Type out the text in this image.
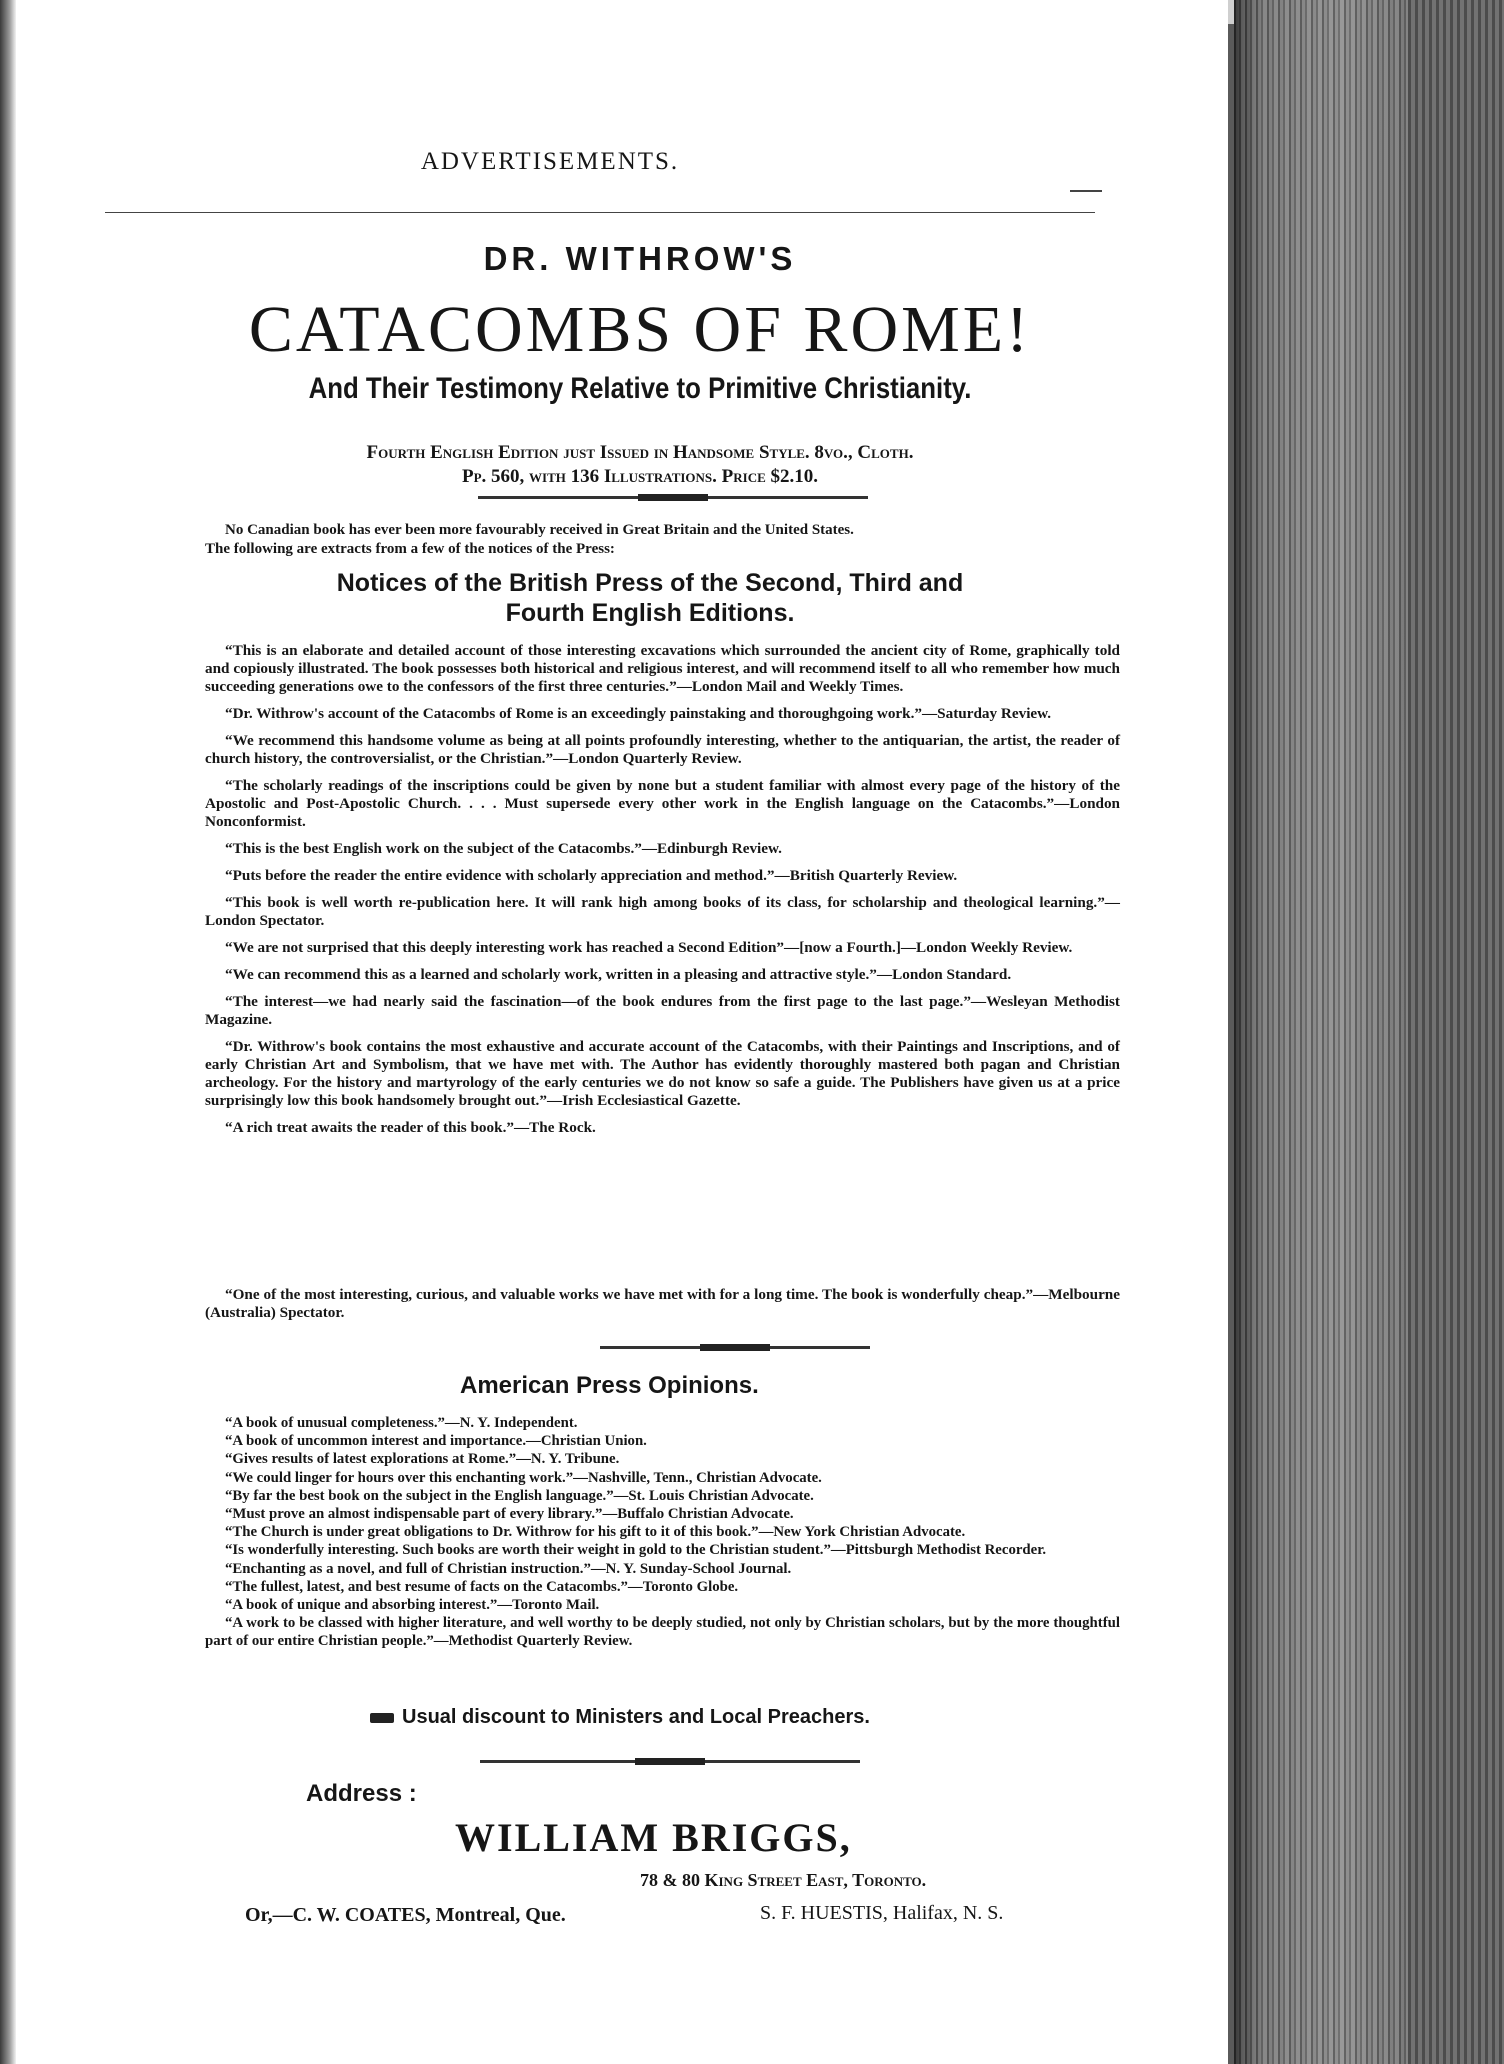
ADVERTISEMENTS.
DR. WITHROW'S
CATACOMBS OF ROME!
And Their Testimony Relative to Primitive Christianity.
Fourth English Edition just Issued in Handsome Style. 8vo., Cloth.
Pp. 560, with 136 Illustrations. Price $2.10.
No Canadian book has ever been more favourably received in Great Britain and the United States.
The following are extracts from a few of the notices of the Press:
Notices of the British Press of the Second, Third and
Fourth English Editions.

“This is an elaborate and detailed account of those interesting excavations which surrounded the ancient city of Rome, graphically told and copiously illustrated. The book possesses both historical and religious interest, and will recommend itself to all who remember how much succeeding generations owe to the confessors of the first three centuries.”—London Mail and Weekly Times.

“Dr. Withrow's account of the Catacombs of Rome is an exceedingly painstaking and thoroughgoing work.”—Saturday Review.

“We recommend this handsome volume as being at all points profoundly interesting, whether to the antiquarian, the artist, the reader of church history, the controversialist, or the Christian.”—London Quarterly Review.

“The scholarly readings of the inscriptions could be given by none but a student familiar with almost every page of the history of the Apostolic and Post-Apostolic Church. . . . Must supersede every other work in the English language on the Catacombs.”—London Nonconformist.

“This is the best English work on the subject of the Catacombs.”—Edinburgh Review.

“Puts before the reader the entire evidence with scholarly appreciation and method.”—British Quarterly Review.

“This book is well worth re-publication here. It will rank high among books of its class, for scholarship and theological learning.”—London Spectator.

“We are not surprised that this deeply interesting work has reached a Second Edition”—[now a Fourth.]—London Weekly Review.

“We can recommend this as a learned and scholarly work, written in a pleasing and attractive style.”—London Standard.

“The interest—we had nearly said the fascination—of the book endures from the first page to the last page.”—Wesleyan Methodist Magazine.

“Dr. Withrow's book contains the most exhaustive and accurate account of the Catacombs, with their Paintings and Inscriptions, and of early Christian Art and Symbolism, that we have met with. The Author has evidently thoroughly mastered both pagan and Christian archeology. For the history and martyrology of the early centuries we do not know so safe a guide. The Publishers have given us at a price surprisingly low this book handsomely brought out.”—Irish Ecclesiastical Gazette.

“A rich treat awaits the reader of this book.”—The Rock.

“One of the most interesting, curious, and valuable works we have met with for a long time. The book is wonderfully cheap.”—Melbourne (Australia) Spectator.
American Press Opinions.

“A book of unusual completeness.”—N. Y. Independent.

“A book of uncommon interest and importance.—Christian Union.

“Gives results of latest explorations at Rome.”—N. Y. Tribune.

“We could linger for hours over this enchanting work.”—Nashville, Tenn., Christian Advocate.

“By far the best book on the subject in the English language.”—St. Louis Christian Advocate.

“Must prove an almost indispensable part of every library.”—Buffalo Christian Advocate.

“The Church is under great obligations to Dr. Withrow for his gift to it of this book.”—New York Christian Advocate.

“Is wonderfully interesting. Such books are worth their weight in gold to the Christian student.”—Pittsburgh Methodist Recorder.

“Enchanting as a novel, and full of Christian instruction.”—N. Y. Sunday-School Journal.

“The fullest, latest, and best resume of facts on the Catacombs.”—Toronto Globe.

“A book of unique and absorbing interest.”—Toronto Mail.

“A work to be classed with higher literature, and well worthy to be deeply studied, not only by Christian scholars, but by the more thoughtful part of our entire Christian people.”—Methodist Quarterly Review.

Usual discount to Ministers and Local Preachers.
Address :
WILLIAM BRIGGS,
78 & 80 King Street East, Toronto.
Or,—C. W. COATES, Montreal, Que.	S. F. HUESTIS, Halifax, N. S.
